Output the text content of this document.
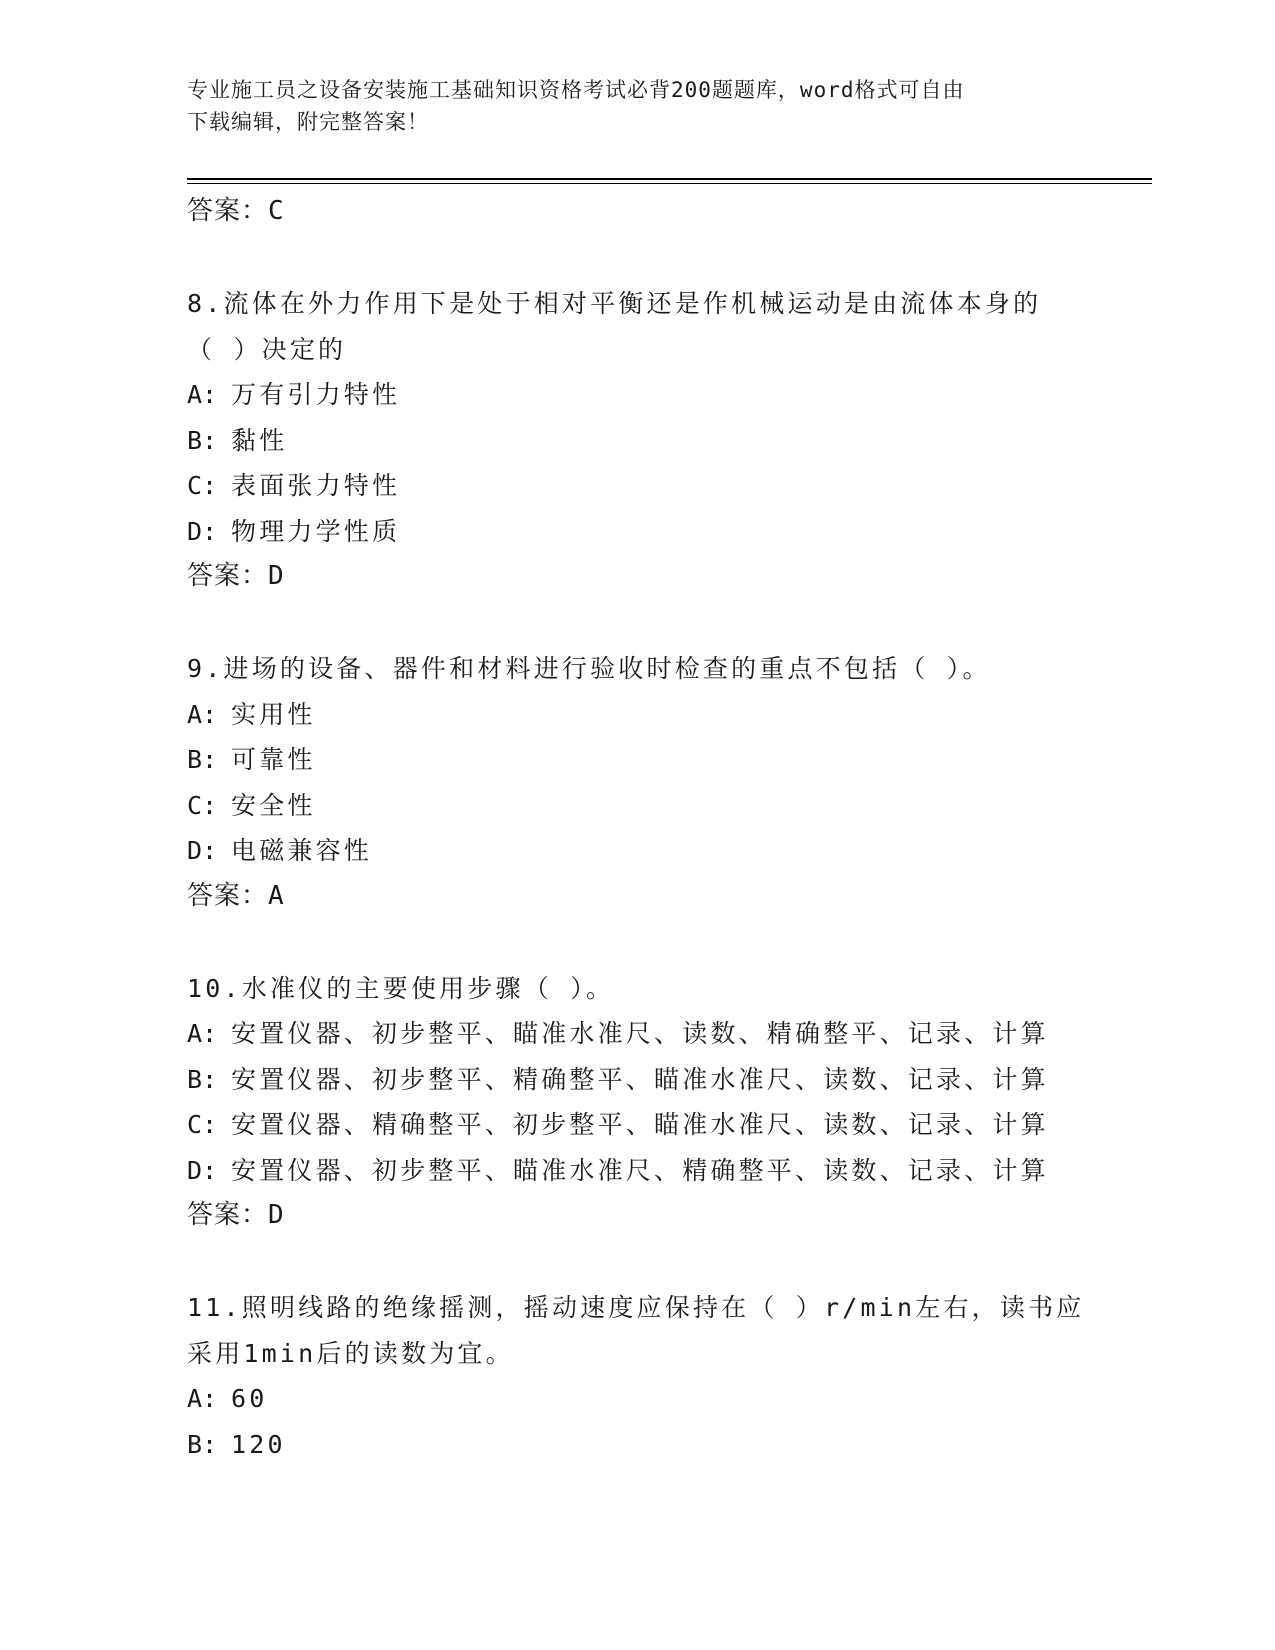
专业施工员之设备安装施工基础知识资格考试必背200题题库，word格式可自由
下载编辑，附完整答案！
答案：C
8.流体在外力作用下是处于相对平衡还是作机械运动是由流体本身的
（ ）决定的
A: 万有引力特性
B: 黏性
C: 表面张力特性
D: 物理力学性质
答案：D
9.进场的设备、器件和材料进行验收时检查的重点不包括（ ）。
A: 实用性
B: 可靠性
C: 安全性
D: 电磁兼容性
答案：A
10.水准仪的主要使用步骤（ ）。
A: 安置仪器、初步整平、瞄准水准尺、读数、精确整平、记录、计算
B: 安置仪器、初步整平、精确整平、瞄准水准尺、读数、记录、计算
C: 安置仪器、精确整平、初步整平、瞄准水准尺、读数、记录、计算
D: 安置仪器、初步整平、瞄准水准尺、精确整平、读数、记录、计算
答案：D
11.照明线路的绝缘摇测，摇动速度应保持在（ ）r/min左右，读书应
采用1min后的读数为宜。
A: 60
B: 120
